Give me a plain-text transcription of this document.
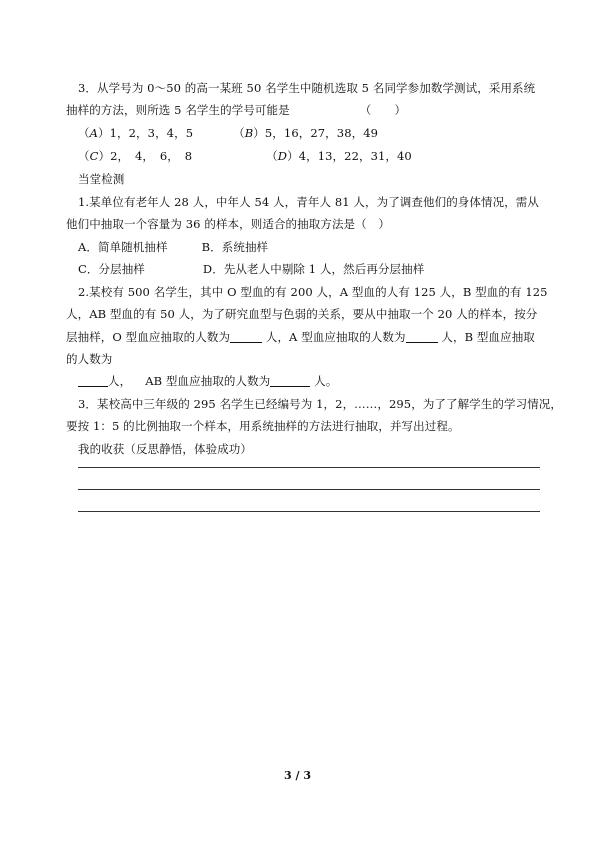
3．从学号为 0～50 的高一某班 50 名学生中随机选取 5 名同学参加数学测试，采用系统
抽样的方法，则所选 5 名学生的学号可能是	（　　）
（A）1，2，3，4，5	（B）5，16，27，38，49
（C）2，　4，　6，　8	（D）4，13，22，31，40
当堂检测
1.某单位有老年人 28 人，中年人 54 人，青年人 81 人，为了调查他们的身体情况，需从
他们中抽取一个容量为 36 的样本，则适合的抽取方法是（　）
A．简单随机抽样	B．系统抽样
C．分层抽样	D．先从老人中剔除 1 人，然后再分层抽样
2.某校有 500 名学生，其中 O 型血的有 200 人，A 型血的人有 125 人，B 型血的有 125
人，AB 型血的有 50 人，为了研究血型与色弱的关系，要从中抽取一个 20 人的样本，按分
层抽样，O 型血应抽取的人数为	人，A 型血应抽取的人数为	人，B 型血应抽取
的人数为
人， AB 型血应抽取的人数为	人。
3．某校高中三年级的 295 名学生已经编号为 1，2，……，295，为了了解学生的学习情况，
要按 1：5 的比例抽取一个样本，用系统抽样的方法进行抽取，并写出过程。
我的收获（反思静悟，体验成功）
3 / 3
